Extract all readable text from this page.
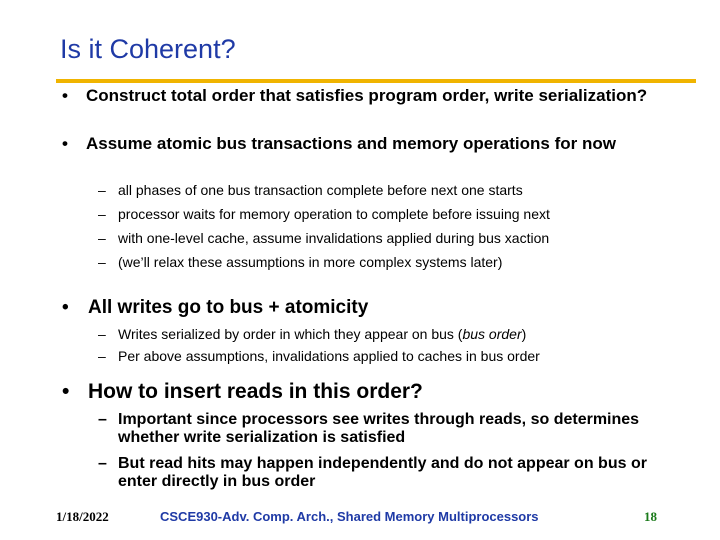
Is it Coherent?
•	Construct total order that satisfies program order, write serialization?
•	Assume atomic bus transactions and memory operations for now
– all phases of one bus transaction complete before next one starts
– processor waits for memory operation to complete before issuing next
– with one-level cache, assume invalidations applied during bus xaction
– (we’ll relax these assumptions in more complex systems later)
•	All writes go to bus + atomicity
– Writes serialized by order in which they appear on bus (bus order)
– Per above assumptions, invalidations applied to caches in bus order
• How to insert reads in this order?
– Important since processors see writes through reads, so determines whether write serialization is satisfied
– But read hits may happen independently and do not appear on bus or enter directly in bus order
1/18/2022	CSCE930-Adv. Comp. Arch., Shared Memory Multiprocessors	18
